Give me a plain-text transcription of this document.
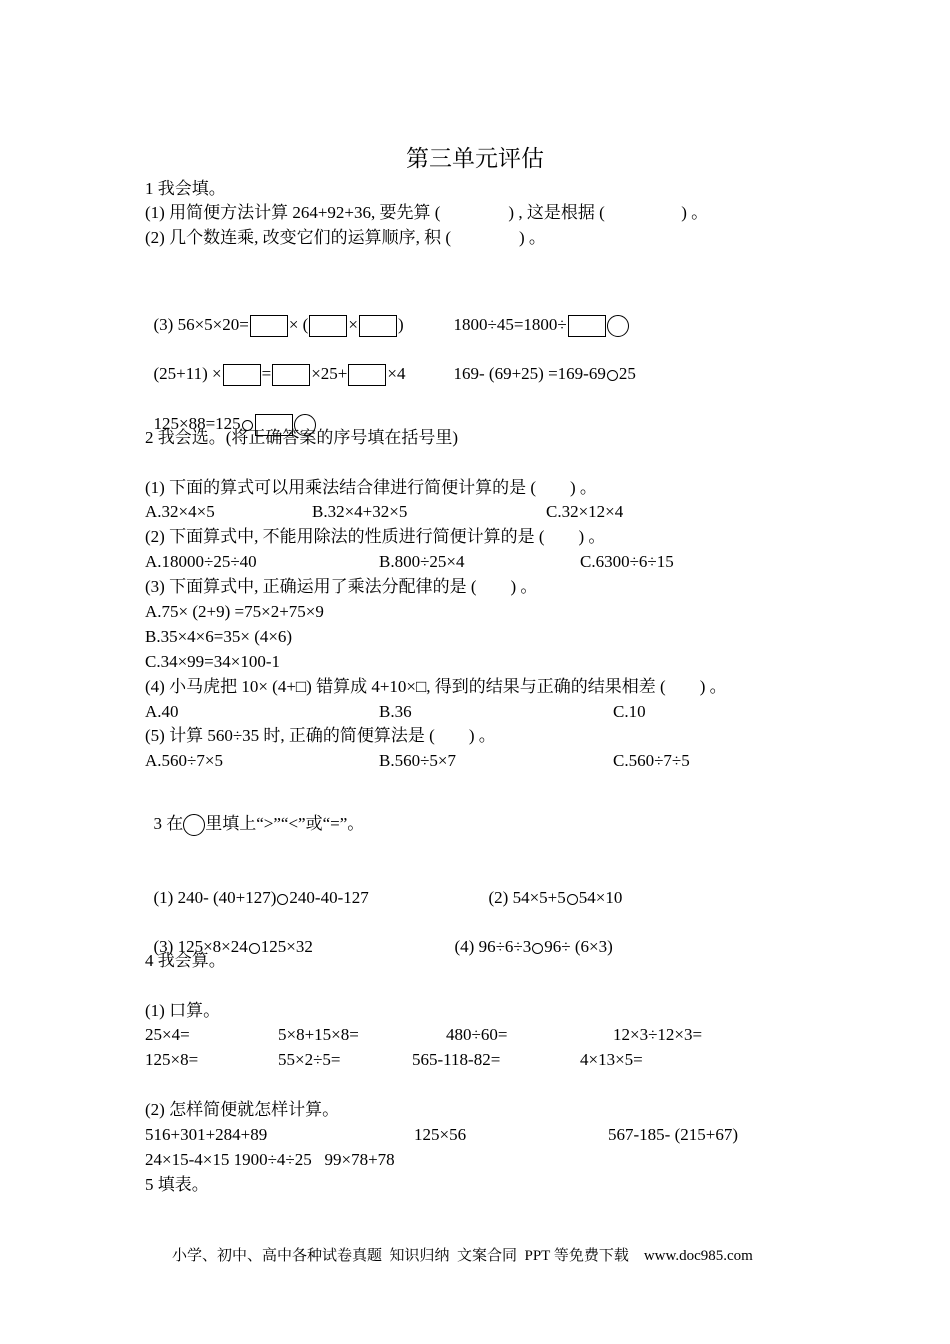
第三单元评估
1 我会填。
(1) 用简便方法计算 264+92+36, 要先算 (                ) , 这是根据 (                  ) 。
(2) 几个数连乘, 改变它们的运算顺序, 积 (                ) 。

(3) 56×5×20= × ( × )	1800÷45=1800÷

(25+11) × = ×25+ ×4	169- (69+25) =169-69 25

125×88=125

2 我会选。(将正确答案的序号填在括号里)
(1) 下面的算式可以用乘法结合律进行简便计算的是 (        ) 。
A.32×4×5	B.32×4+32×5	C.32×12×4
(2) 下面算式中, 不能用除法的性质进行简便计算的是 (        ) 。
A.18000÷25÷40	B.800÷25×4	C.6300÷6÷15
(3) 下面算式中, 正确运用了乘法分配律的是 (        ) 。
A.75× (2+9) =75×2+75×9
B.35×4×6=35× (4×6)
C.34×99=34×100-1
(4) 小马虎把 10× (4+□) 错算成 4+10×□, 得到的结果与正确的结果相差 (        ) 。
A.40	B.36	C.10
(5) 计算 560÷35 时, 正确的简便算法是 (        ) 。
A.560÷7×5	B.560÷5×7	C.560÷7÷5

3 在 里填上“>”“<”或“=”。

(1) 240- (40+127) 240-40-127	(2) 54×5+5 54×10

(3) 125×8×24 125×32	(4) 96÷6÷3 96÷ (6×3)

4 我会算。
(1) 口算。
25×4=	5×8+15×8=	480÷60=	12×3÷12×3=
125×8=	55×2÷5=	565-118-82=	4×13×5=
(2) 怎样简便就怎样计算。
516+301+284+89	125×56	567-185- (215+67)
24×15-4×15 1900÷4÷25   99×78+78
5 填表。
小学、初中、高中各种试卷真题  知识归纳  文案合同  PPT 等免费下载    www.doc985.com
